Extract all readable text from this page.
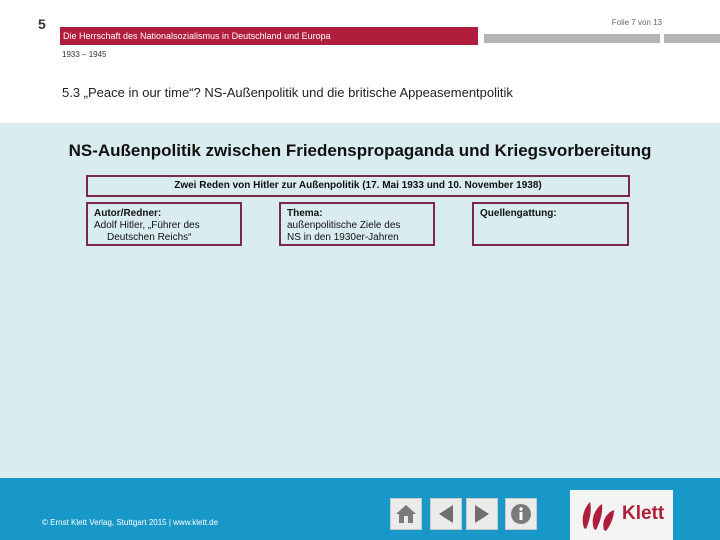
5	Folie 7 von 13
Die Herrschaft des Nationalsozialismus in Deutschland und Europa
1933 – 1945
5.3 „Peace in our time“? NS-Außenpolitik und die britische Appeasementpolitik
NS-Außenpolitik zwischen Friedenspropaganda und Kriegsvorbereitung
Zwei Reden von Hitler zur Außenpolitik (17. Mai 1933 und 10. November 1938)
Autor/Redner:
Adolf Hitler, „Führer des
Deutschen Reichs“
Thema:
außenpolitische Ziele des
NS in den 1930er-Jahren
Quellengattung:
© Ernst Klett Verlag, Stuttgart 2015 | www.klett.de	Klett
